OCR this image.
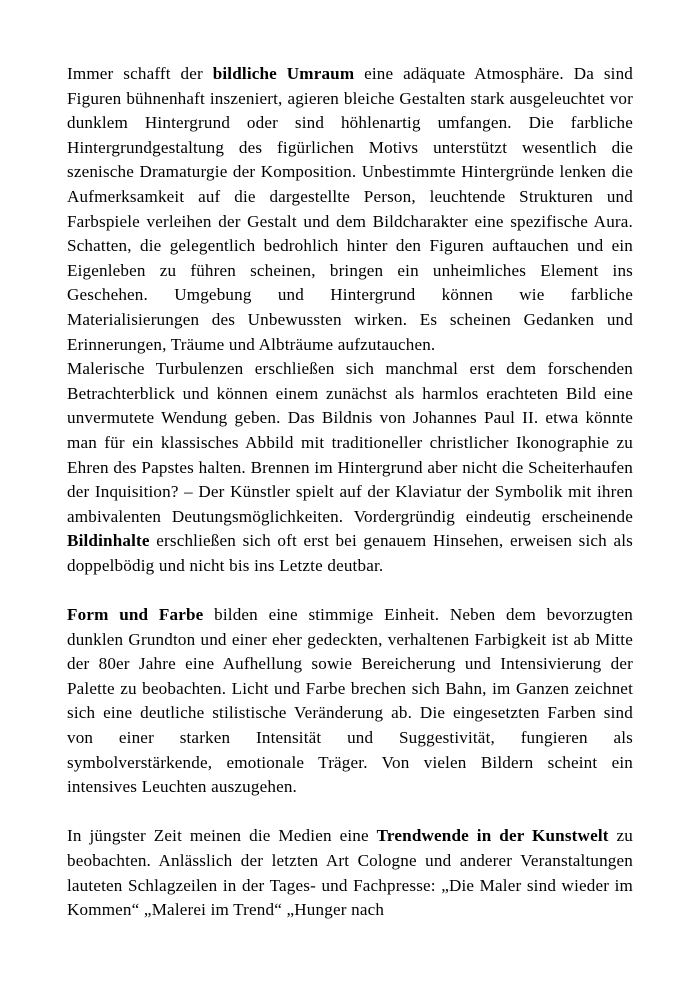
Immer schafft der bildliche Umraum eine adäquate Atmosphäre. Da sind Figuren bühnenhaft inszeniert, agieren bleiche Gestalten stark ausgeleuchtet vor dunklem Hintergrund oder sind höhlenartig umfangen. Die farbliche Hintergrundgestaltung des figürlichen Motivs unterstützt wesentlich die szenische Dramaturgie der Komposition. Unbestimmte Hintergründe lenken die Aufmerksamkeit auf die dargestellte Person, leuchtende Strukturen und Farbspiele verleihen der Gestalt und dem Bildcharakter eine spezifische Aura. Schatten, die gelegentlich bedrohlich hinter den Figuren auftauchen und ein Eigenleben zu führen scheinen, bringen ein unheimliches Element ins Geschehen. Umgebung und Hintergrund können wie farbliche Materialisierungen des Unbewussten wirken. Es scheinen Gedanken und Erinnerungen, Träume und Albträume aufzutauchen.

Malerische Turbulenzen erschließen sich manchmal erst dem forschenden Betrachterblick und können einem zunächst als harmlos erachteten Bild eine unvermutete Wendung geben. Das Bildnis von Johannes Paul II. etwa könnte man für ein klassisches Abbild mit traditioneller christlicher Ikonographie zu Ehren des Papstes halten. Brennen im Hintergrund aber nicht die Scheiterhaufen der Inquisition? – Der Künstler spielt auf der Klaviatur der Symbolik mit ihren ambivalenten Deutungsmöglichkeiten. Vordergründig eindeutig erscheinende Bildinhalte erschließen sich oft erst bei genauem Hinsehen, erweisen sich als doppelbödig und nicht bis ins Letzte deutbar.

Form und Farbe bilden eine stimmige Einheit. Neben dem bevorzugten dunklen Grundton und einer eher gedeckten, verhaltenen Farbigkeit ist ab Mitte der 80er Jahre eine Aufhellung sowie Bereicherung und Intensivierung der Palette zu beobachten. Licht und Farbe brechen sich Bahn, im Ganzen zeichnet sich eine deutliche stilistische Veränderung ab. Die eingesetzten Farben sind von einer starken Intensität und Suggestivität, fungieren als symbolverstärkende, emotionale Träger. Von vielen Bildern scheint ein intensives Leuchten auszugehen.

In jüngster Zeit meinen die Medien eine Trendwende in der Kunstwelt zu beobachten. Anlässlich der letzten Art Cologne und anderer Veranstaltungen lauteten Schlagzeilen in der Tages- und Fachpresse: „Die Maler sind wieder im Kommen“ „Malerei im Trend“ „Hunger nach
